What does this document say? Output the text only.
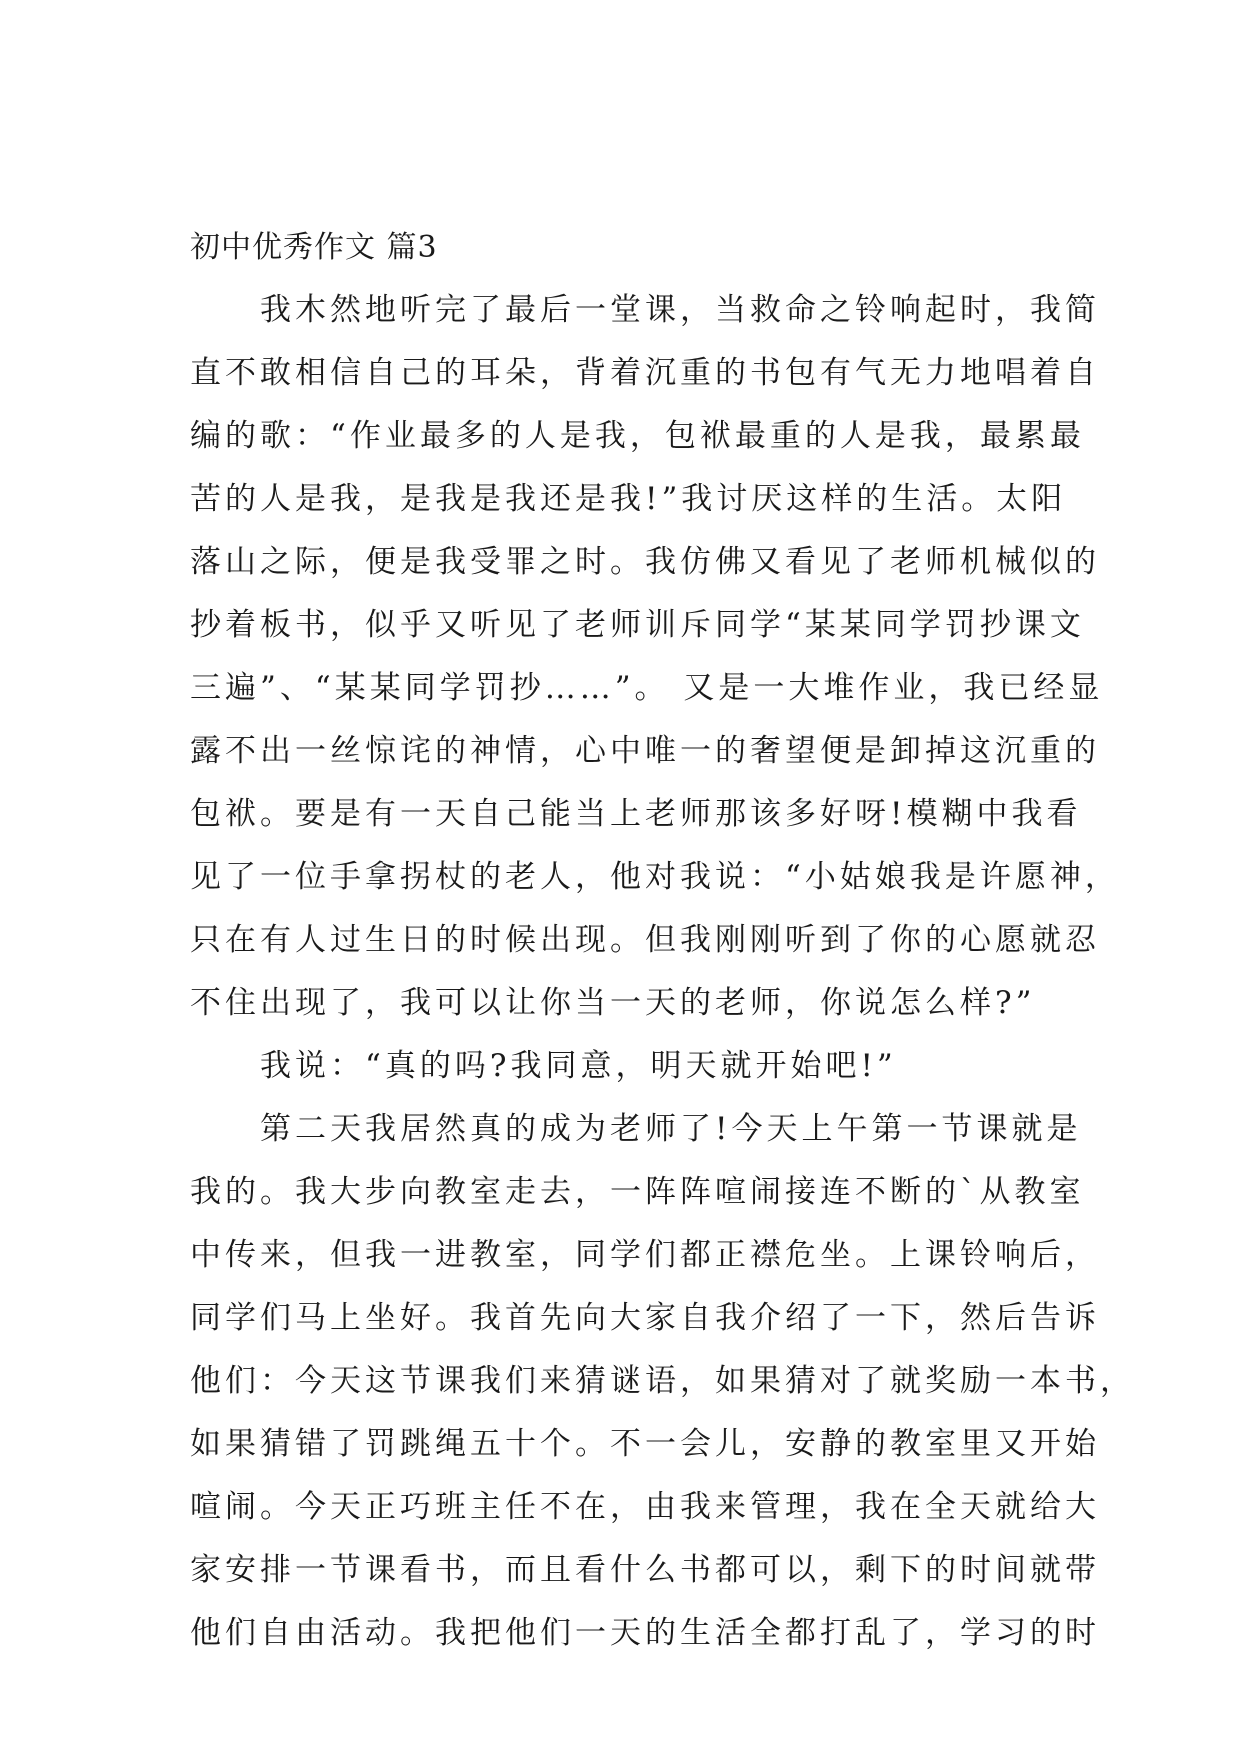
初中优秀作文 篇3
　　我木然地听完了最后一堂课，当救命之铃响起时，我简
直不敢相信自己的耳朵，背着沉重的书包有气无力地唱着自
编的歌：“作业最多的人是我，包袱最重的人是我，最累最
苦的人是我，是我是我还是我!”我讨厌这样的生活。太阳
落山之际，便是我受罪之时。我仿佛又看见了老师机械似的
抄着板书，似乎又听见了老师训斥同学“某某同学罚抄课文
三遍”、“某某同学罚抄……”。 又是一大堆作业，我已经显
露不出一丝惊诧的神情，心中唯一的奢望便是卸掉这沉重的
包袱。要是有一天自己能当上老师那该多好呀!模糊中我看
见了一位手拿拐杖的老人，他对我说：“小姑娘我是许愿神，
只在有人过生日的时候出现。但我刚刚听到了你的心愿就忍
不住出现了，我可以让你当一天的老师，你说怎么样?”
　　我说：“真的吗?我同意，明天就开始吧!”
　　第二天我居然真的成为老师了!今天上午第一节课就是
我的。我大步向教室走去，一阵阵喧闹接连不断的`从教室
中传来，但我一进教室，同学们都正襟危坐。上课铃响后，
同学们马上坐好。我首先向大家自我介绍了一下，然后告诉
他们：今天这节课我们来猜谜语，如果猜对了就奖励一本书，
如果猜错了罚跳绳五十个。不一会儿，安静的教室里又开始
喧闹。今天正巧班主任不在，由我来管理，我在全天就给大
家安排一节课看书，而且看什么书都可以，剩下的时间就带
他们自由活动。我把他们一天的生活全都打乱了，学习的时
